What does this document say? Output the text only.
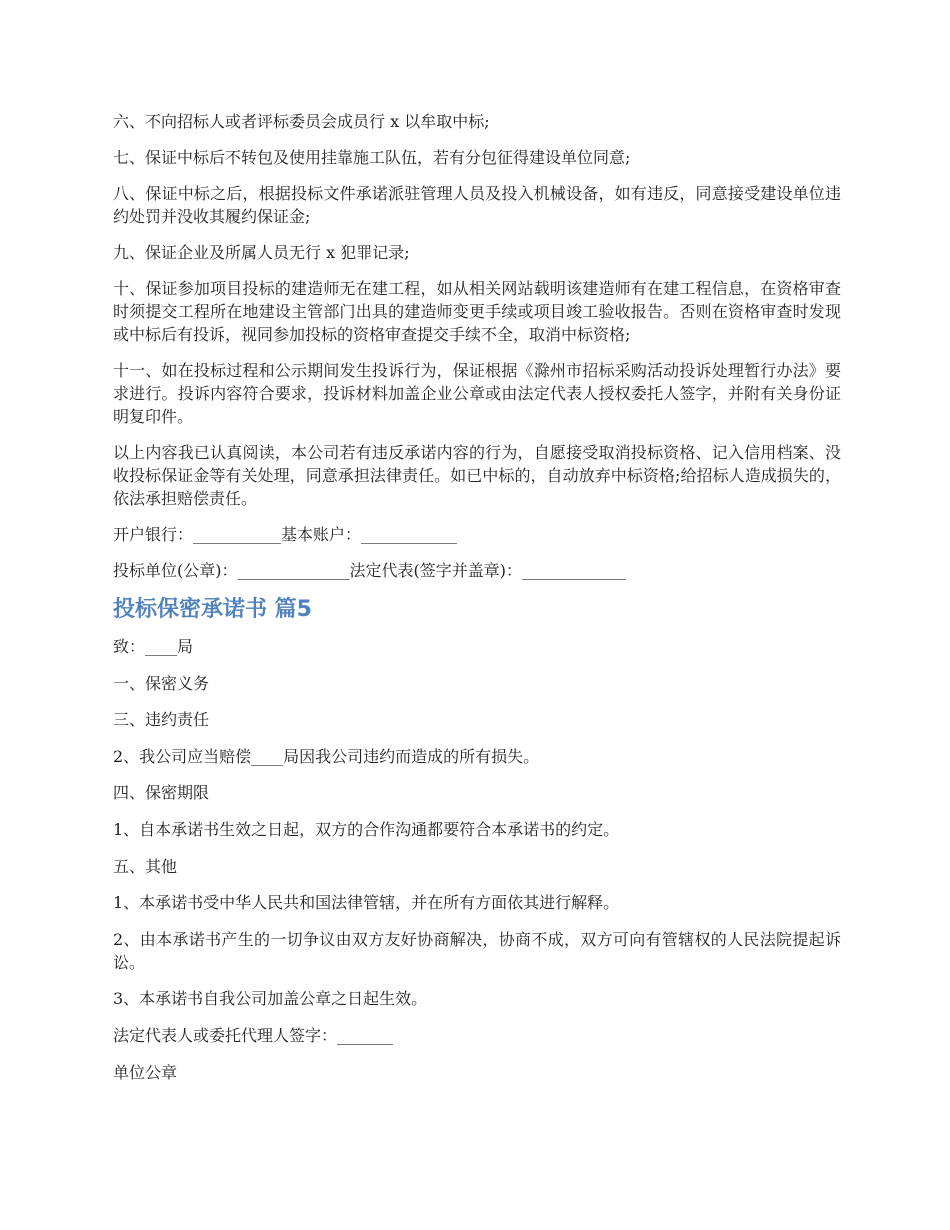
六、不向招标人或者评标委员会成员行 x 以牟取中标;

七、保证中标后不转包及使用挂靠施工队伍，若有分包征得建设单位同意;

八、保证中标之后，根据投标文件承诺派驻管理人员及投入机械设备，如有违反，同意接受建设单位违约处罚并没收其履约保证金;

九、保证企业及所属人员无行 x 犯罪记录;

十、保证参加项目投标的建造师无在建工程，如从相关网站载明该建造师有在建工程信息，在资格审查时须提交工程所在地建设主管部门出具的建造师变更手续或项目竣工验收报告。否则在资格审查时发现或中标后有投诉，视同参加投标的资格审查提交手续不全，取消中标资格;

十一、如在投标过程和公示期间发生投诉行为，保证根据《滁州市招标采购活动投诉处理暂行办法》要求进行。投诉内容符合要求，投诉材料加盖企业公章或由法定代表人授权委托人签字，并附有关身份证明复印件。

以上内容我已认真阅读，本公司若有违反承诺内容的行为，自愿接受取消投标资格、记入信用档案、没收投标保证金等有关处理，同意承担法律责任。如已中标的，自动放弃中标资格;给招标人造成损失的，依法承担赔偿责任。

开户银行：___________基本账户：____________

投标单位(公章)：______________法定代表(签字并盖章)：_____________

投标保密承诺书 篇5

致：____局

一、保密义务

三、违约责任

2、我公司应当赔偿____局因我公司违约而造成的所有损失。

四、保密期限

1、自本承诺书生效之日起，双方的合作沟通都要符合本承诺书的约定。

五、其他

1、本承诺书受中华人民共和国法律管辖，并在所有方面依其进行解释。

2、由本承诺书产生的一切争议由双方友好协商解决，协商不成，双方可向有管辖权的人民法院提起诉讼。

3、本承诺书自我公司加盖公章之日起生效。

法定代表人或委托代理人签字：_______

单位公章
